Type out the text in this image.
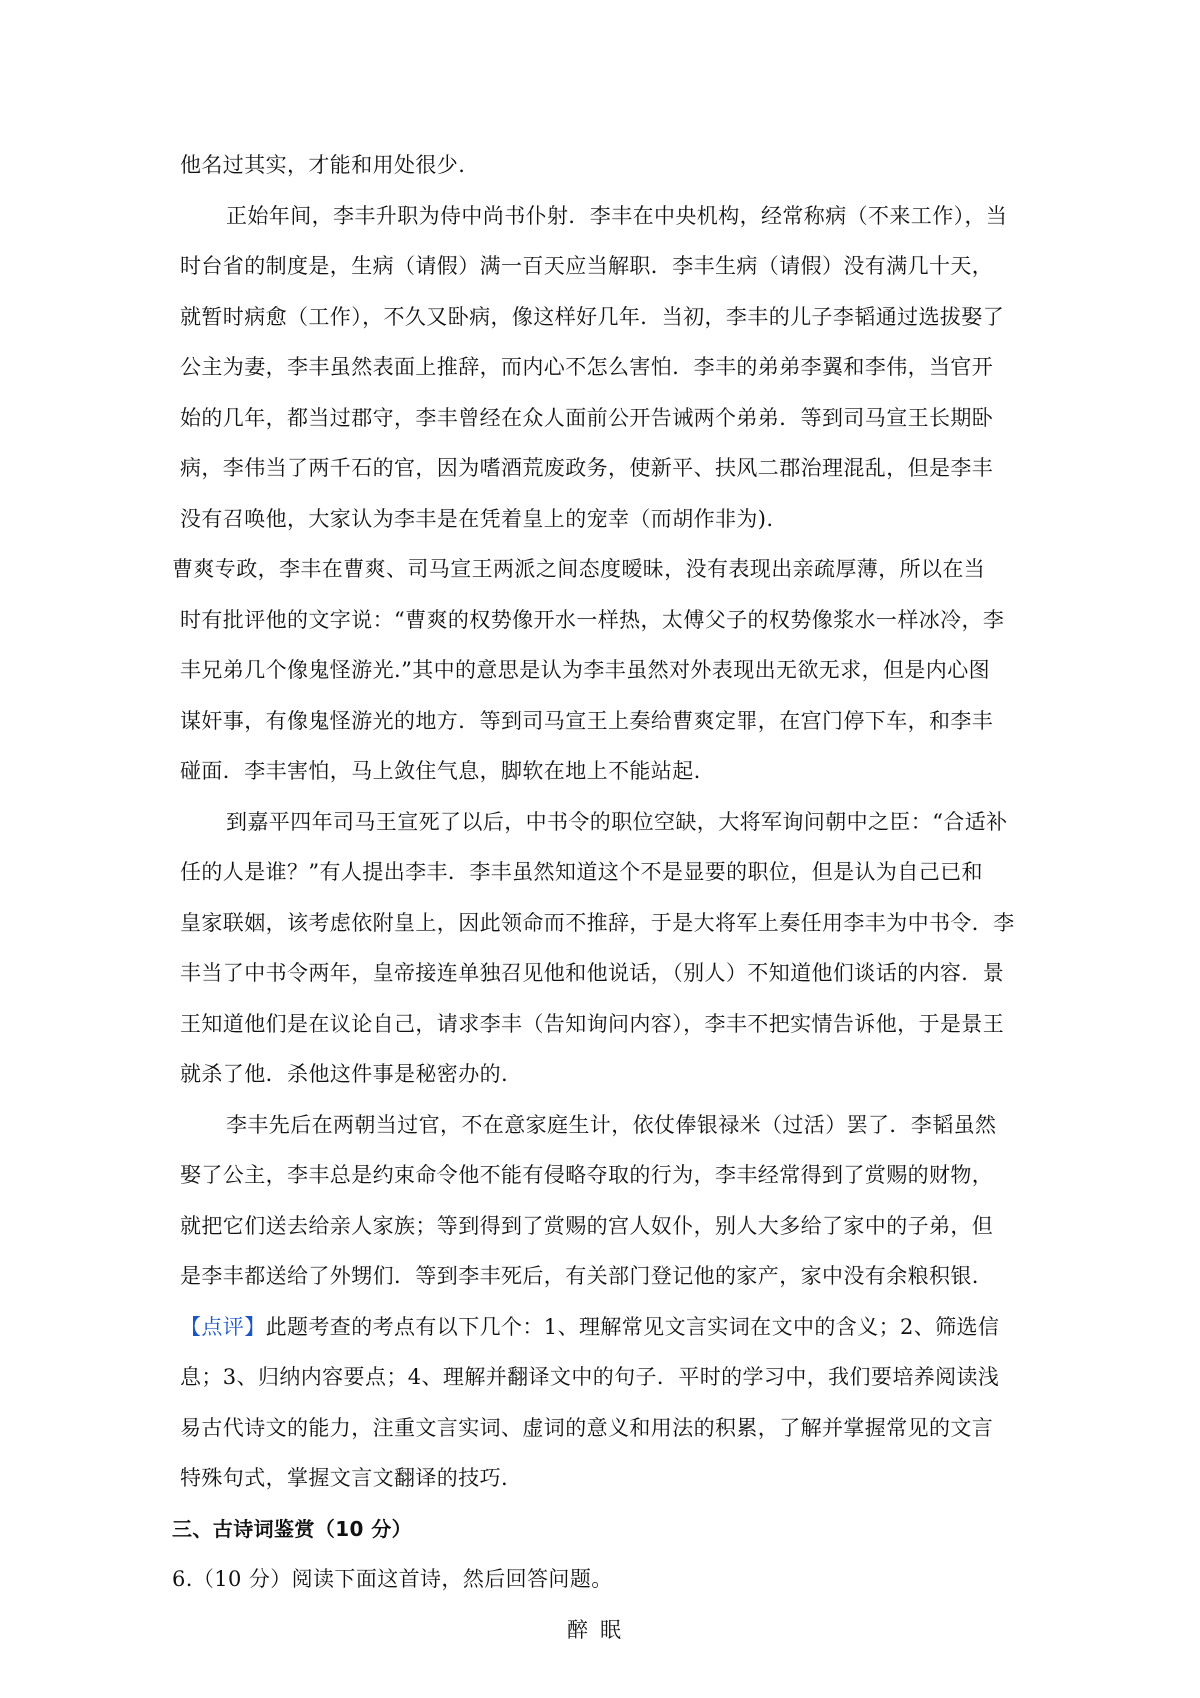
他名过其实，才能和用处很少.
正始年间，李丰升职为侍中尚书仆射．李丰在中央机构，经常称病（不来工作），当
时台省的制度是，生病（请假）满一百天应当解职．李丰生病（请假）没有满几十天，
就暂时病愈（工作），不久又卧病，像这样好几年．当初，李丰的儿子李韬通过选拔娶了
公主为妻，李丰虽然表面上推辞，而内心不怎么害怕．李丰的弟弟李翼和李伟，当官开
始的几年，都当过郡守，李丰曾经在众人面前公开告诫两个弟弟．等到司马宣王长期卧
病，李伟当了两千石的官，因为嗜酒荒废政务，使新平、扶风二郡治理混乱，但是李丰
没有召唤他，大家认为李丰是在凭着皇上的宠幸（而胡作非为).
曹爽专政，李丰在曹爽、司马宣王两派之间态度暧昧，没有表现出亲疏厚薄，所以在当
时有批评他的文字说：“曹爽的权势像开水一样热，太傅父子的权势像浆水一样冰冷，李
丰兄弟几个像鬼怪游光.”其中的意思是认为李丰虽然对外表现出无欲无求，但是内心图
谋奸事，有像鬼怪游光的地方．等到司马宣王上奏给曹爽定罪，在宫门停下车，和李丰
碰面．李丰害怕，马上敛住气息，脚软在地上不能站起.
到嘉平四年司马王宣死了以后，中书令的职位空缺，大将军询问朝中之臣：“合适补
任的人是谁？”有人提出李丰．李丰虽然知道这个不是显要的职位，但是认为自己已和
皇家联姻，该考虑依附皇上，因此领命而不推辞，于是大将军上奏任用李丰为中书令．李
丰当了中书令两年，皇帝接连单独召见他和他说话，（别人）不知道他们谈话的内容．景
王知道他们是在议论自己，请求李丰（告知询问内容），李丰不把实情告诉他，于是景王
就杀了他．杀他这件事是秘密办的.
李丰先后在两朝当过官，不在意家庭生计，依仗俸银禄米（过活）罢了．李韬虽然
娶了公主，李丰总是约束命令他不能有侵略夺取的行为，李丰经常得到了赏赐的财物，
就把它们送去给亲人家族；等到得到了赏赐的宫人奴仆，别人大多给了家中的子弟，但
是李丰都送给了外甥们．等到李丰死后，有关部门登记他的家产，家中没有余粮积银.
【点评】此题考查的考点有以下几个：1、理解常见文言实词在文中的含义；2、筛选信
息；3、归纳内容要点；4、理解并翻译文中的句子．平时的学习中，我们要培养阅读浅
易古代诗文的能力，注重文言实词、虚词的意义和用法的积累，了解并掌握常见的文言
特殊句式，掌握文言文翻译的技巧.
三、古诗词鉴赏（10 分）
6.（10 分）阅读下面这首诗，然后回答问题。
醉眠
